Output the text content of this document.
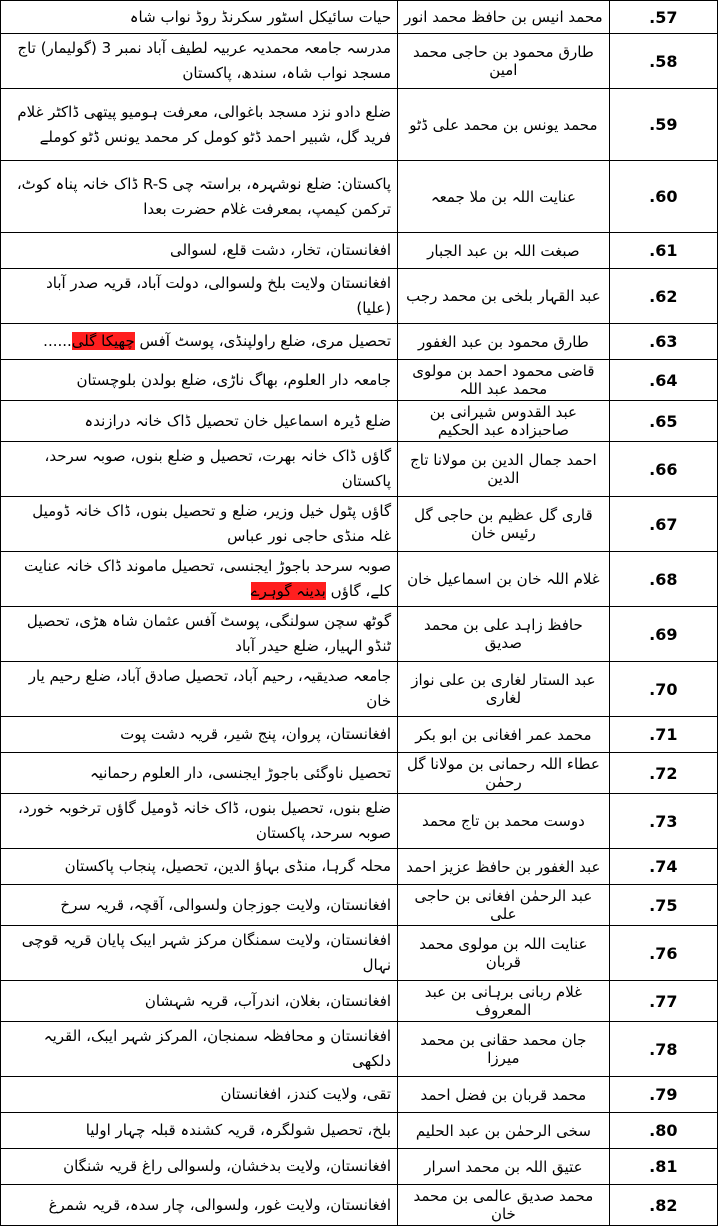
حیات سائیکل اسٹور سکرنڈ روڈ نواب شاہ	محمد انیس بن حافظ محمد انور	.57
مدرسہ جامعہ محمدیہ عربیہ لطیف آباد نمبر 3 (گولیمار) تاج مسجد نواب شاہ، سندھ، پاکستان	طارق محمود بن حاجی محمد امین	.58
ضلع دادو نزد مسجد باغوالی، معرفت ہومیو پیتھی ڈاکٹر غلام فرید گل، شبیر احمد ڈٹو کومل کر محمد یونس ڈٹو کوملے	محمد یونس بن محمد علی ڈٹو	.59
پاکستان: ضلع نوشہرہ، براستہ چی R-S ڈاک خانہ پناہ کوٹ، ترکمن کیمپ، بمعرفت غلام حضرت بعدا	عنایت اللہ بن ملا جمعہ	.60
افغانستان، تخار، دشت قلع، لسوالی	صبغت اللہ بن عبد الجبار	.61
افغانستان ولایت بلخ ولسوالی، دولت آباد، قریہ صدر آباد (علیا)	عبد القہار بلخی بن محمد رجب	.62
تحصیل مری، ضلع راولپنڈی، پوسٹ آفس چھیکا گلی......	طارق محمود بن عبد الغفور	.63
جامعہ دار العلوم، بھاگ ناڑی، ضلع بولدن بلوچستان	قاضی محمود احمد بن مولوی محمد عبد اللہ	.64
ضلع ڈیرہ اسماعیل خان تحصیل ڈاک خانہ درازندہ	عبد القدوس شیرانی بن صاحبزادہ عبد الحکیم	.65
گاؤں ڈاک خانہ بھرت، تحصیل و ضلع بنوں، صوبہ سرحد، پاکستان	احمد جمال الدین بن مولانا تاج الدین	.66
گاؤں پٹول خیل وزیر، ضلع و تحصیل بنوں، ڈاک خانہ ڈومیل غلہ منڈی حاجی نور عباس	قاری گل عظیم بن حاجی گل رئیس خان	.67
صوبہ سرحد باجوڑ ایجنسی، تحصیل ماموند ڈاک خانہ عنایت کلے، گاؤں بدینہ گوہرے	غلام اللہ خان بن اسماعیل خان	.68
گوٹھ سچن سولنگی، پوسٹ آفس عثمان شاہ ھڑی، تحصیل ٹنڈو الہیار، ضلع حیدر آباد	حافظ زاہد علی بن محمد صدیق	.69
جامعہ صدیقیہ، رحیم آباد، تحصیل صادق آباد، ضلع رحیم یار خان	عبد الستار لغاری بن علی نواز لغاری	.70
افغانستان، پروان، پنج شیر، قریہ دشت پوت	محمد عمر افغانی بن ابو بکر	.71
تحصیل ناوگئی باجوڑ ایجنسی، دار العلوم رحمانیہ	عطاء اللہ رحمانی بن مولانا گل رحمٰن	.72
ضلع بنوں، تحصیل بنوں، ڈاک خانہ ڈومیل گاؤں ترخوبہ خورد، صوبہ سرحد، پاکستان	دوست محمد بن تاج محمد	.73
محلہ گرہا، منڈی بہاؤ الدین، تحصیل، پنجاب پاکستان	عبد الغفور بن حافظ عزیز احمد	.74
افغانستان، ولایت جوزجان ولسوالی، آقچہ، قریہ سرخ	عبد الرحمٰن افغانی بن حاجی علی	.75
افغانستان، ولایت سمنگان مرکز شہر ایبک پایان قریہ قوچی نہال	عنایت اللہ بن مولوی محمد قربان	.76
افغانستان، بغلان، اندرآب، قریہ شہشان	غلام ربانی برہانی بن عبد المعروف	.77
افغانستان و محافظہ سمنجان، المرکز شہر ایبک، القریہ دلکھی	جان محمد حقانی بن محمد میرزا	.78
تقی، ولایت کندز، افغانستان	محمد قربان بن فضل احمد	.79
بلخ، تحصیل شولگرہ، قریہ کشندہ قبلہ چہار اولیا	سخی الرحمٰن بن عبد الحلیم	.80
افغانستان، ولایت بدخشان، ولسوالی راغ قریہ شنگان	عتیق اللہ بن محمد اسرار	.81
افغانستان، ولایت غور، ولسوالی، چار سدہ، قریہ شمرغ	محمد صدیق عالمی بن محمد خان	.82
